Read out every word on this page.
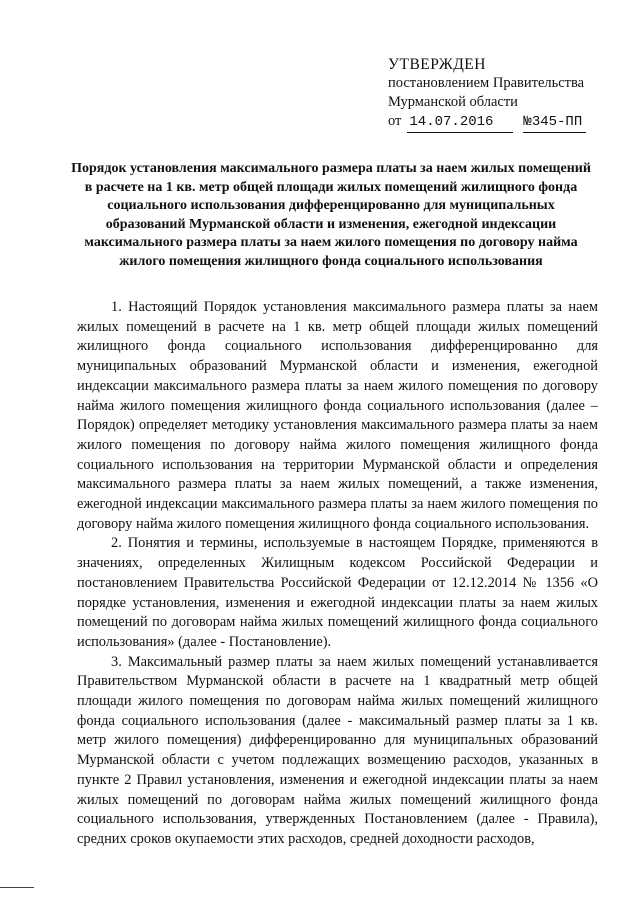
УТВЕРЖДЕН
постановлением Правительства
Мурманской области
от 14.07.2016	№345-ПП
Порядок установления максимального размера платы за наем жилых помещений в расчете на 1 кв. метр общей площади жилых помещений жилищного фонда социального использования дифференцированно для муниципальных образований Мурманской области и изменения, ежегодной индексации максимального размера платы за наем жилого помещения по договору найма жилого помещения жилищного фонда социального использования

1. Настоящий Порядок установления максимального размера платы за наем жилых помещений в расчете на 1 кв. метр общей площади жилых помещений жилищного фонда социального использования дифференцированно для муниципальных образований Мурманской области и изменения, ежегодной индексации максимального размера платы за наем жилого помещения по договору найма жилого помещения жилищного фонда социального использования (далее – Порядок) определяет методику установления максимального размера платы за наем жилого помещения по договору найма жилого помещения жилищного фонда социального использования на территории Мурманской области и определения максимального размера платы за наем жилых помещений, а также изменения, ежегодной индексации максимального размера платы за наем жилого помещения по договору найма жилого помещения жилищного фонда социального использования.

2. Понятия и термины, используемые в настоящем Порядке, применяются в значениях, определенных Жилищным кодексом Российской Федерации и постановлением Правительства Российской Федерации от 12.12.2014 № 1356 «О порядке установления, изменения и ежегодной индексации платы за наем жилых помещений по договорам найма жилых помещений жилищного фонда социального использования» (далее - Постановление).

3. Максимальный размер платы за наем жилых помещений устанавливается Правительством Мурманской области в расчете на 1 квадратный метр общей площади жилого помещения по договорам найма жилых помещений жилищного фонда социального использования (далее - максимальный размер платы за 1 кв. метр жилого помещения) дифференцированно для муниципальных образований Мурманской области с учетом подлежащих возмещению расходов, указанных в пункте 2 Правил установления, изменения и ежегодной индексации платы за наем жилых помещений по договорам найма жилых помещений жилищного фонда социального использования, утвержденных Постановлением (далее - Правила), средних сроков окупаемости этих расходов, средней доходности расходов,
